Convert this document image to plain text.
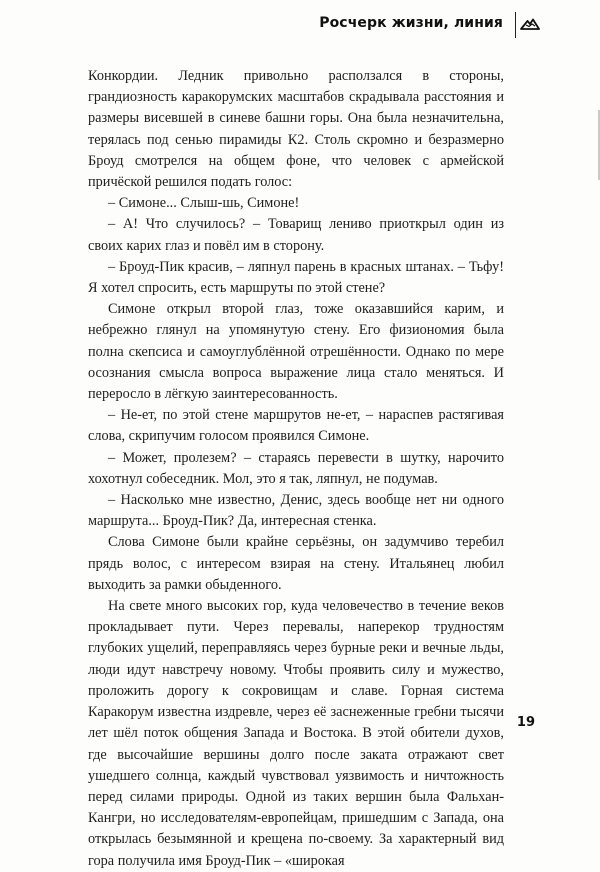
Росчерк жизни, линия

Конкордии. Ледник привольно расползался в стороны, грандиозность каракорумских масштабов скрадывала расстояния и размеры висевшей в синеве башни горы. Она была незначительна, терялась под сенью пирамиды К2. Столь скромно и безразмерно Броуд смотрелся на общем фоне, что человек с армейской причёской решился подать голос:

– Симоне... Слыш-шь, Симоне!

– А! Что случилось? – Товарищ лениво приоткрыл один из своих карих глаз и повёл им в сторону.

– Броуд-Пик красив, – ляпнул парень в красных штанах. – Тьфу! Я хотел спросить, есть маршруты по этой стене?

Симоне открыл второй глаз, тоже оказавшийся карим, и небрежно глянул на упомянутую стену. Его физиономия была полна скепсиса и самоуглублённой отрешённости. Однако по мере осознания смысла вопроса выражение лица стало меняться. И переросло в лёгкую заинтересованность.

– Не-ет, по этой стене маршрутов не-ет, – нараспев растягивая слова, скрипучим голосом проявился Симоне.

– Может, пролезем? – стараясь перевести в шутку, нарочито хохотнул собеседник. Мол, это я так, ляпнул, не подумав.

– Насколько мне известно, Денис, здесь вообще нет ни одного маршрута... Броуд-Пик? Да, интересная стенка.

Слова Симоне были крайне серьёзны, он задумчиво теребил прядь волос, с интересом взирая на стену. Итальянец любил выходить за рамки обыденного.

На свете много высоких гор, куда человечество в течение веков прокладывает пути. Через перевалы, наперекор трудностям глубоких ущелий, переправляясь через бурные реки и вечные льды, люди идут навстречу новому. Чтобы проявить силу и мужество, проложить дорогу к сокровищам и славе. Горная система Каракорум известна издревле, через её заснеженные гребни тысячи лет шёл поток общения Запада и Востока. В этой обители духов, где высочайшие вершины долго после заката отражают свет ушедшего солнца, каждый чувствовал уязвимость и ничтожность перед силами природы. Одной из таких вершин была Фальхан-Кангри, но исследователям-европейцам, пришедшим с Запада, она открылась безымянной и крещена по-своему. За характерный вид гора получила имя Броуд-Пик – «широкая

19
